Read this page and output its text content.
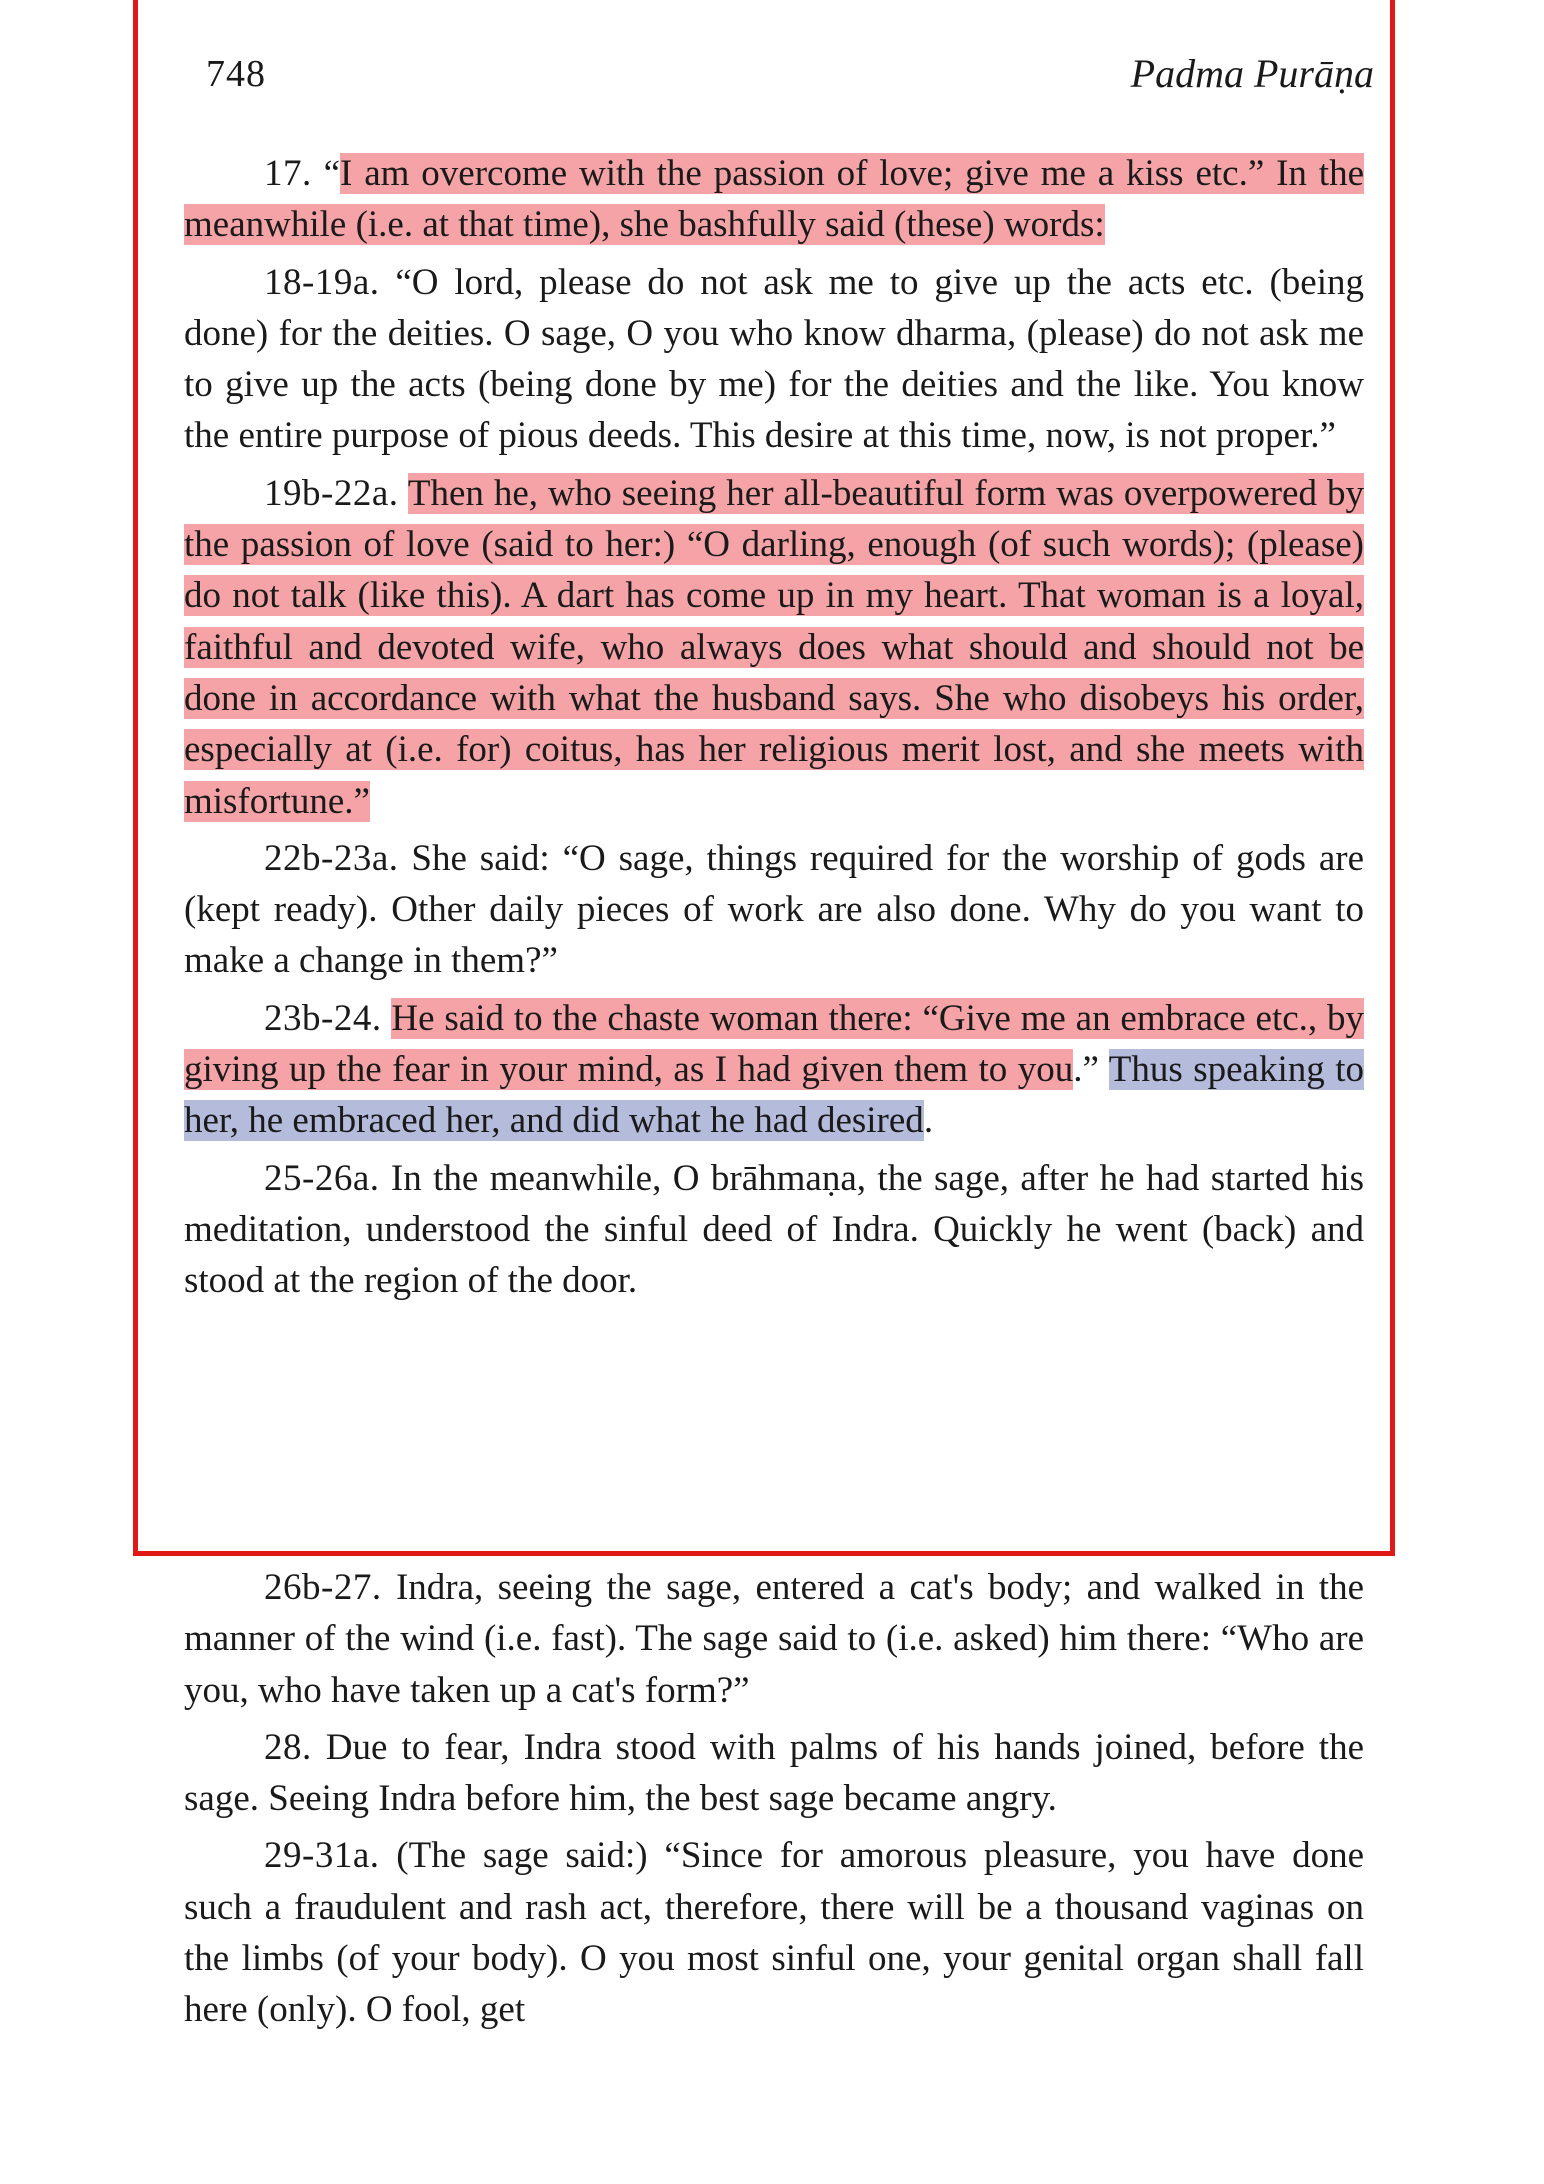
748	Padma Purāṇa
17. “I am overcome with the passion of love; give me a kiss etc.” In the meanwhile (i.e. at that time), she bashfully said (these) words:
18-19a. “O lord, please do not ask me to give up the acts etc. (being done) for the deities. O sage, O you who know dharma, (please) do not ask me to give up the acts (being done by me) for the deities and the like. You know the entire purpose of pious deeds. This desire at this time, now, is not proper.”
19b-22a. Then he, who seeing her all-beautiful form was overpowered by the passion of love (said to her:) “O darling, enough (of such words); (please) do not talk (like this). A dart has come up in my heart. That woman is a loyal, faithful and devoted wife, who always does what should and should not be done in accordance with what the husband says. She who disobeys his order, especially at (i.e. for) coitus, has her religious merit lost, and she meets with misfortune.”
22b-23a. She said: “O sage, things required for the worship of gods are (kept ready). Other daily pieces of work are also done. Why do you want to make a change in them?”
23b-24. He said to the chaste woman there: “Give me an embrace etc., by giving up the fear in your mind, as I had given them to you.” Thus speaking to her, he embraced her, and did what he had desired.
25-26a. In the meanwhile, O brāhmaṇa, the sage, after he had started his meditation, understood the sinful deed of Indra. Quickly he went (back) and stood at the region of the door.
26b-27. Indra, seeing the sage, entered a cat's body; and walked in the manner of the wind (i.e. fast). The sage said to (i.e. asked) him there: “Who are you, who have taken up a cat's form?”
28. Due to fear, Indra stood with palms of his hands joined, before the sage. Seeing Indra before him, the best sage became angry.
29-31a. (The sage said:) “Since for amorous pleasure, you have done such a fraudulent and rash act, therefore, there will be a thousand vaginas on the limbs (of your body). O you most sinful one, your genital organ shall fall here (only). O fool, get
